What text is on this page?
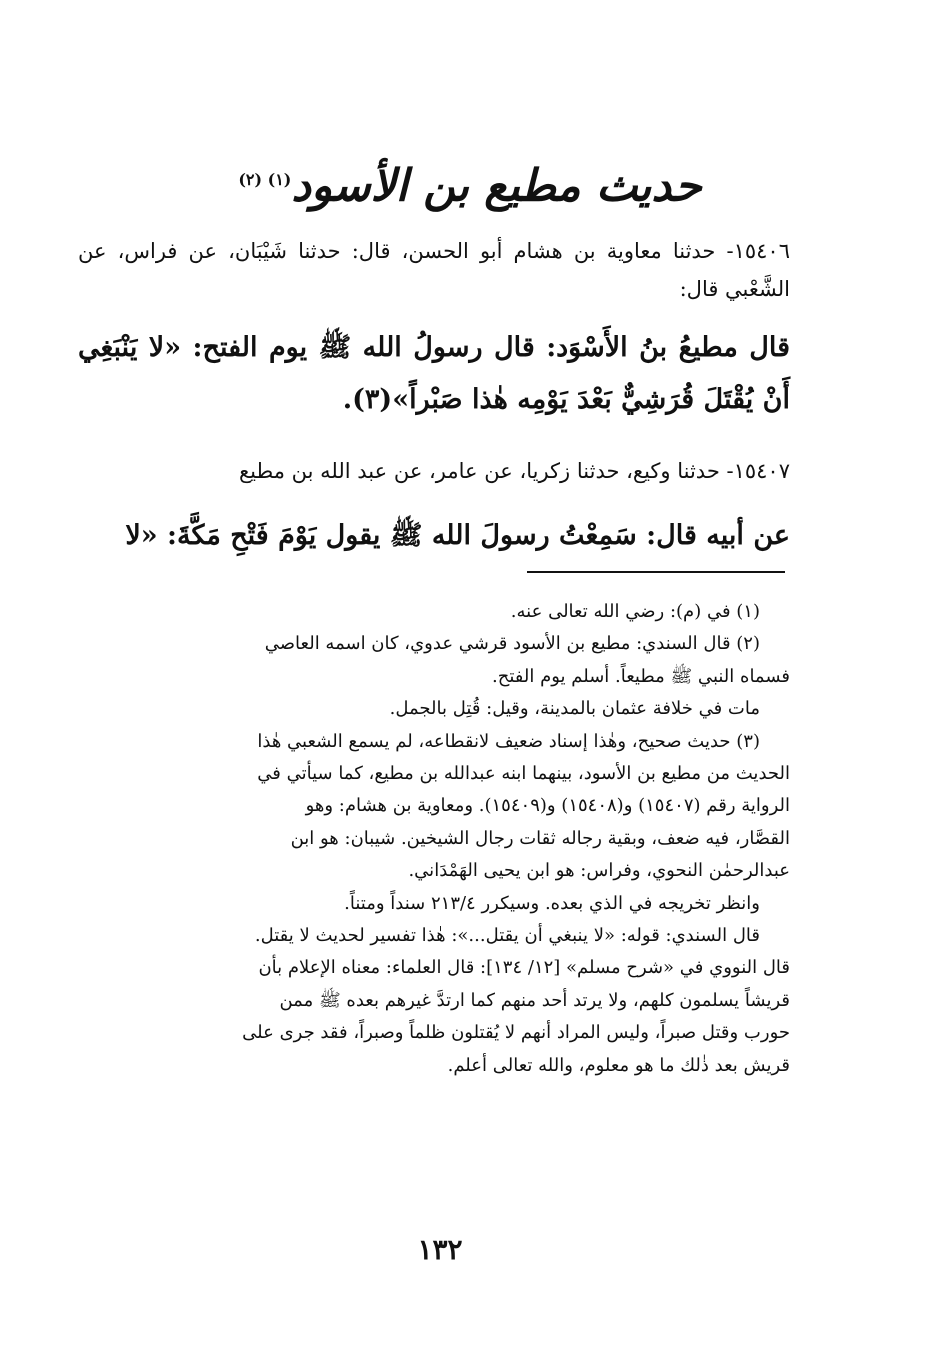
حديث مطيع بن الأسود$^{(١) (٢)}$
١٥٤٠٦- حدثنا معاوية بن هشام أبو الحسن، قال: حدثنا شَيْبَان، عن فراس، عن الشَّعْبي قال:
قال مطيعُ بنُ الأَسْوَد: قال رسولُ الله ﷺ يوم الفتح: «لا يَنْبَغِي أَنْ يُقْتَلَ قُرَشِيٌّ بَعْدَ يَوْمِه هٰذا صَبْراً»(٣).
١٥٤٠٧- حدثنا وكيع، حدثنا زكريا، عن عامر، عن عبد الله بن مطيع
عن أبيه قال: سَمِعْتُ رسولَ الله ﷺ يقول يَوْمَ فَتْحِ مَكَّةَ: «لا

(١) في (م): رضي الله تعالى عنه.

(٢) قال السندي: مطيع بن الأسود قرشي عدوي، كان اسمه العاصي

فسماه النبي ﷺ مطيعاً. أسلم يوم الفتح.

مات في خلافة عثمان بالمدينة، وقيل: قُتِل بالجمل.

(٣) حديث صحيح، وهٰذا إسناد ضعيف لانقطاعه، لم يسمع الشعبي هٰذا

الحديث من مطيع بن الأسود، بينهما ابنه عبدالله بن مطيع، كما سيأتي في

الرواية رقم (١٥٤٠٧) و(١٥٤٠٨) و(١٥٤٠٩). ومعاوية بن هشام: وهو

القصَّار، فيه ضعف، وبقية رجاله ثقات رجال الشيخين. شيبان: هو ابن

عبدالرحمٰن النحوي، وفراس: هو ابن يحيى الهَمْدَاني.

وانظر تخريجه في الذي بعده. وسيكرر ٢١٣/٤ سنداً ومتناً.

قال السندي: قوله: «لا ينبغي أن يقتل...»: هٰذا تفسير لحديث لا يقتل.

قال النووي في «شرح مسلم» [١٢/ ١٣٤]: قال العلماء: معناه الإعلام بأن

قريشاً يسلمون كلهم، ولا يرتد أحد منهم كما ارتدَّ غيرهم بعده ﷺ ممن

حورب وقتل صبراً، وليس المراد أنهم لا يُقتلون ظلماً وصبراً، فقد جرى على

قريش بعد ذٰلك ما هو معلوم، والله تعالى أعلم.

١٣٢
